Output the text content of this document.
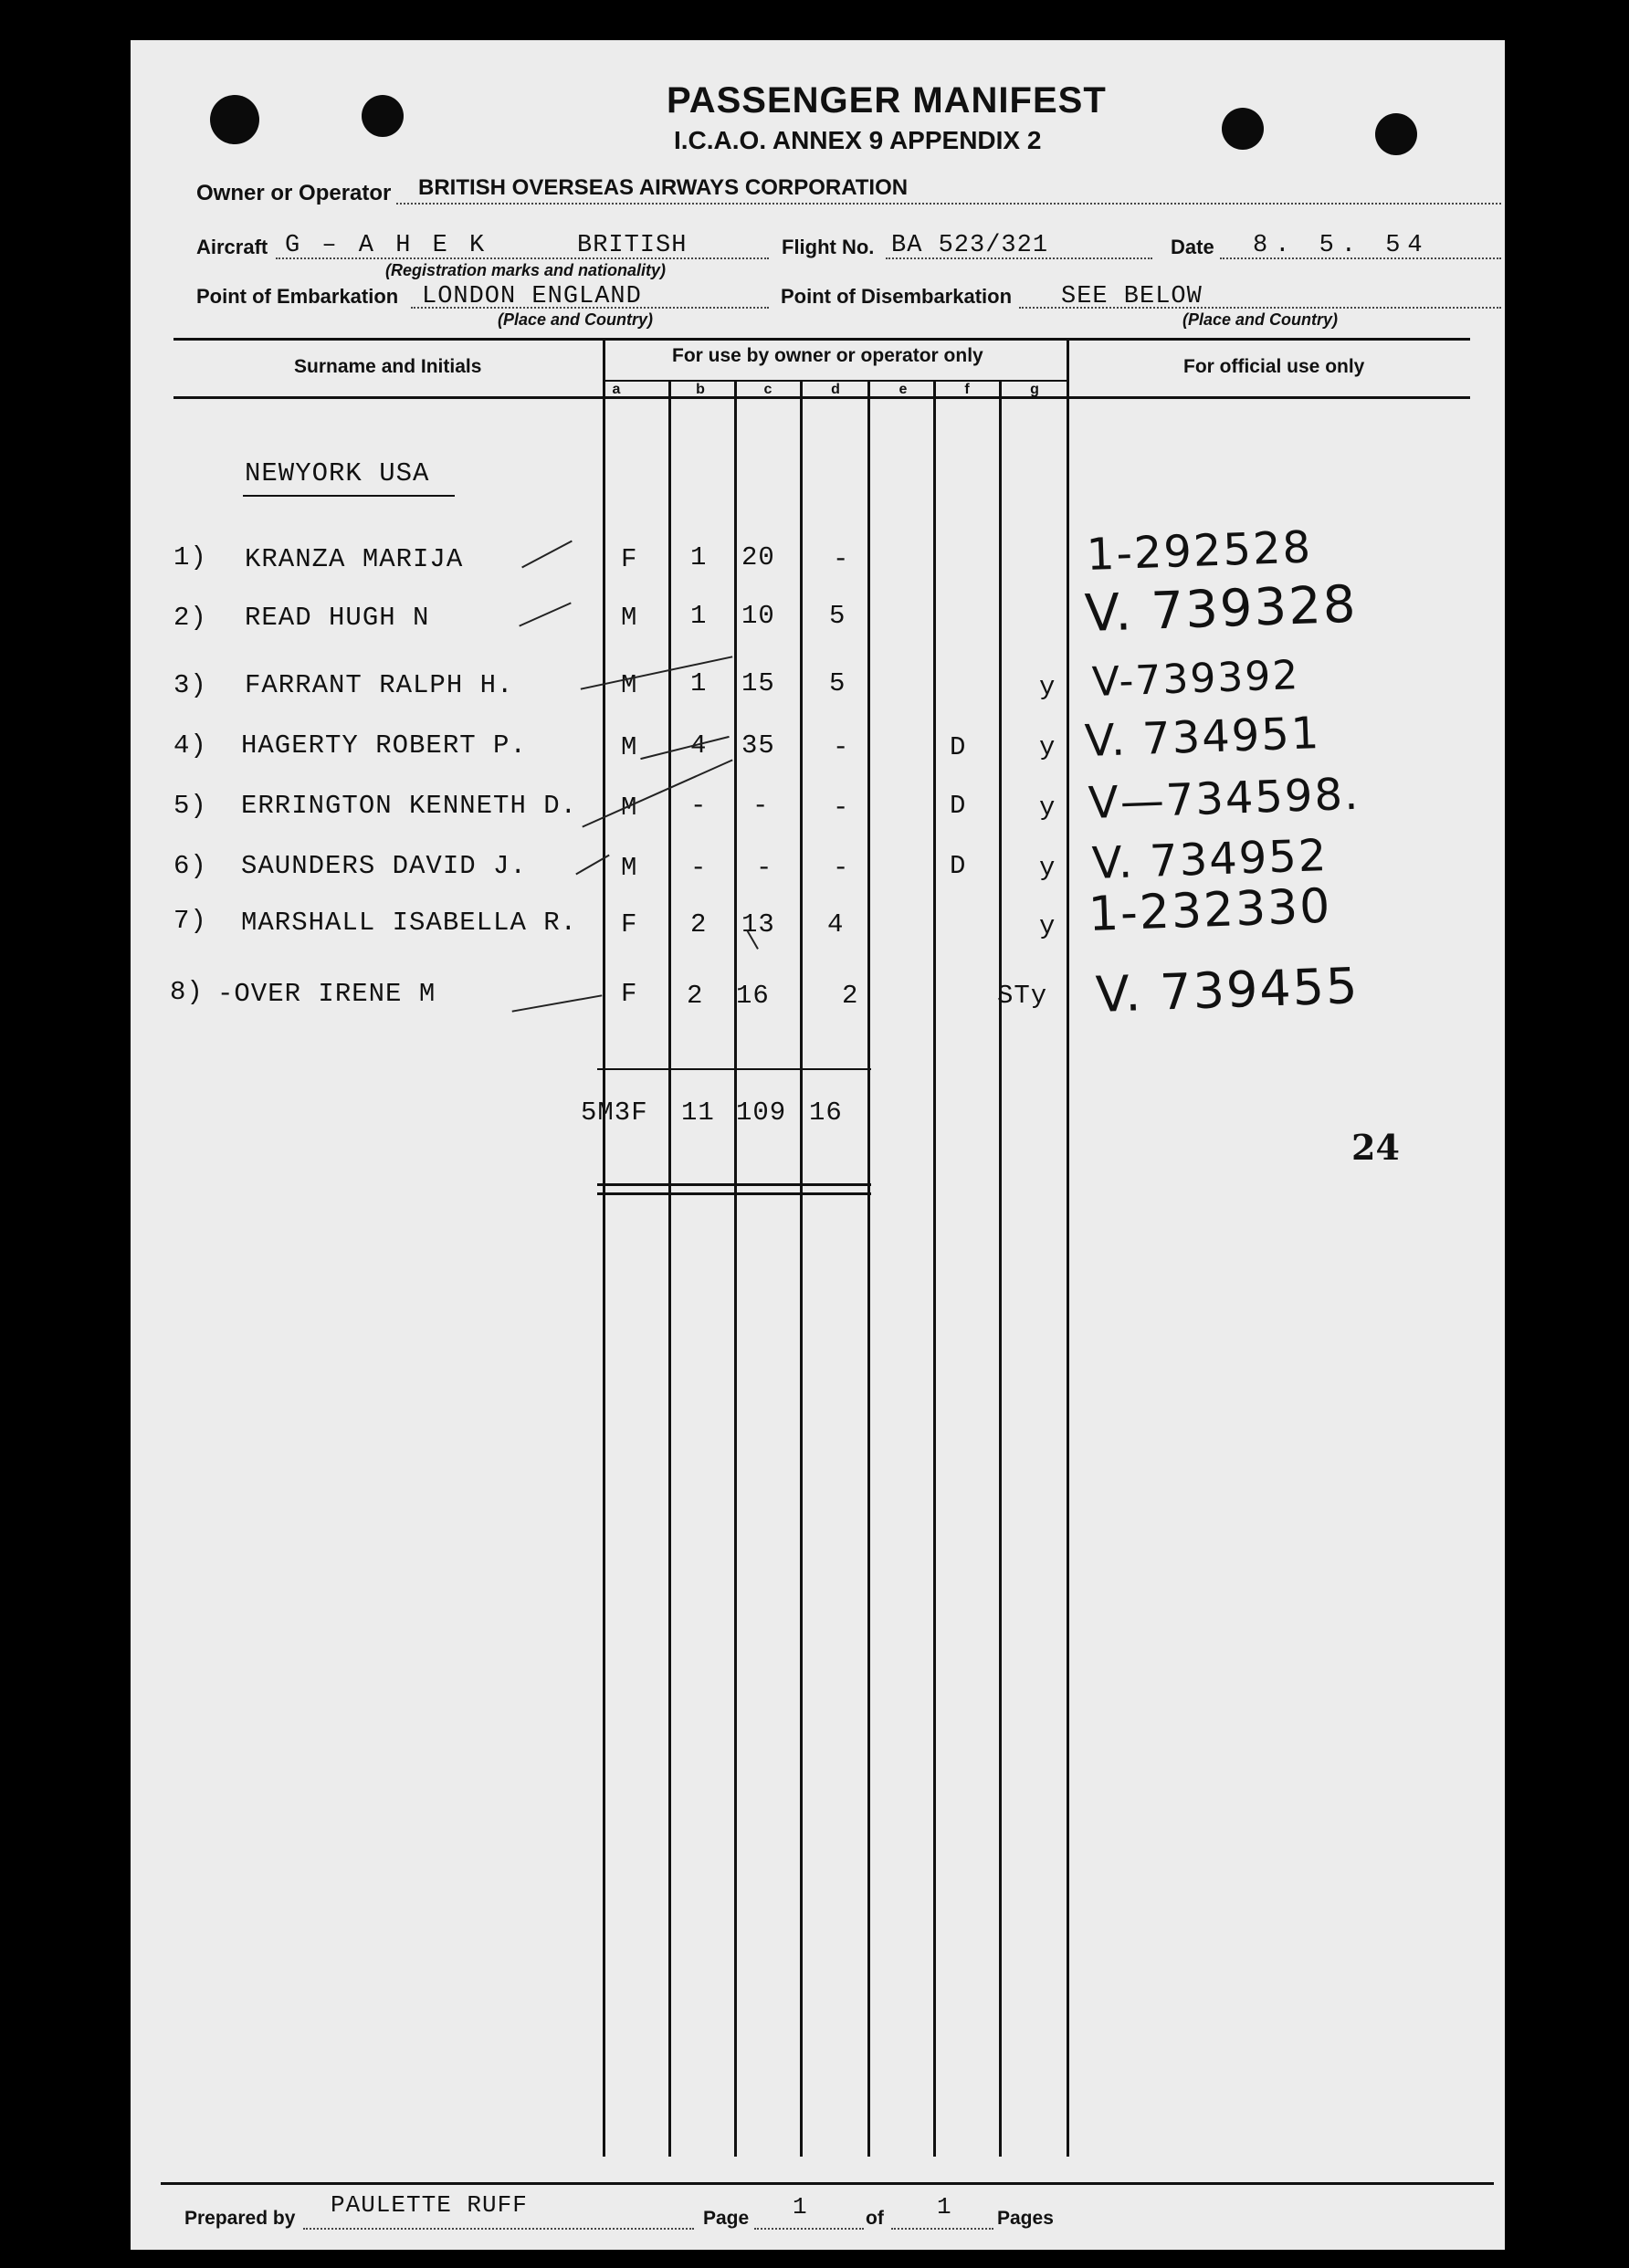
PASSENGER MANIFEST
I.C.A.O. ANNEX 9 APPENDIX 2
Owner or Operator BRITISH OVERSEAS AIRWAYS CORPORATION
Aircraft G – A H E K	BRITISH
(Registration marks and nationality)
Flight No. BA 523/321	Date 8. 5. 54
Point of Embarkation LONDON ENGLAND
(Place and Country)
Point of Disembarkation SEE BELOW
(Place and Country)
Surname and Initials
For use by owner or operator only
For official use only
a	b	c	d	e	f	g
NEWYORK USA
1) KRANZA MARIJA	F 1 20 -	1-292528
2) READ HUGH N	M 1 10 5	V. 739328
3) FARRANT RALPH H.	M 1 15 5	y V-739392
4) HAGERTY ROBERT P.	M 4 35 -	D	y V. 734951
5) ERRINGTON KENNETH D. M - - -	D	y V—734598.
6) SAUNDERS DAVID J.	M - - -	D	y V. 734952
7) MARSHALL ISABELLA R. F 2 13 4	y 1-232330
8) -OVER IRENE M	F 2 16	2	STy V. 739455
5M3F 11 109 16
24
Prepared by PAULETTE RUFF	Page 1	of 1 Pages
